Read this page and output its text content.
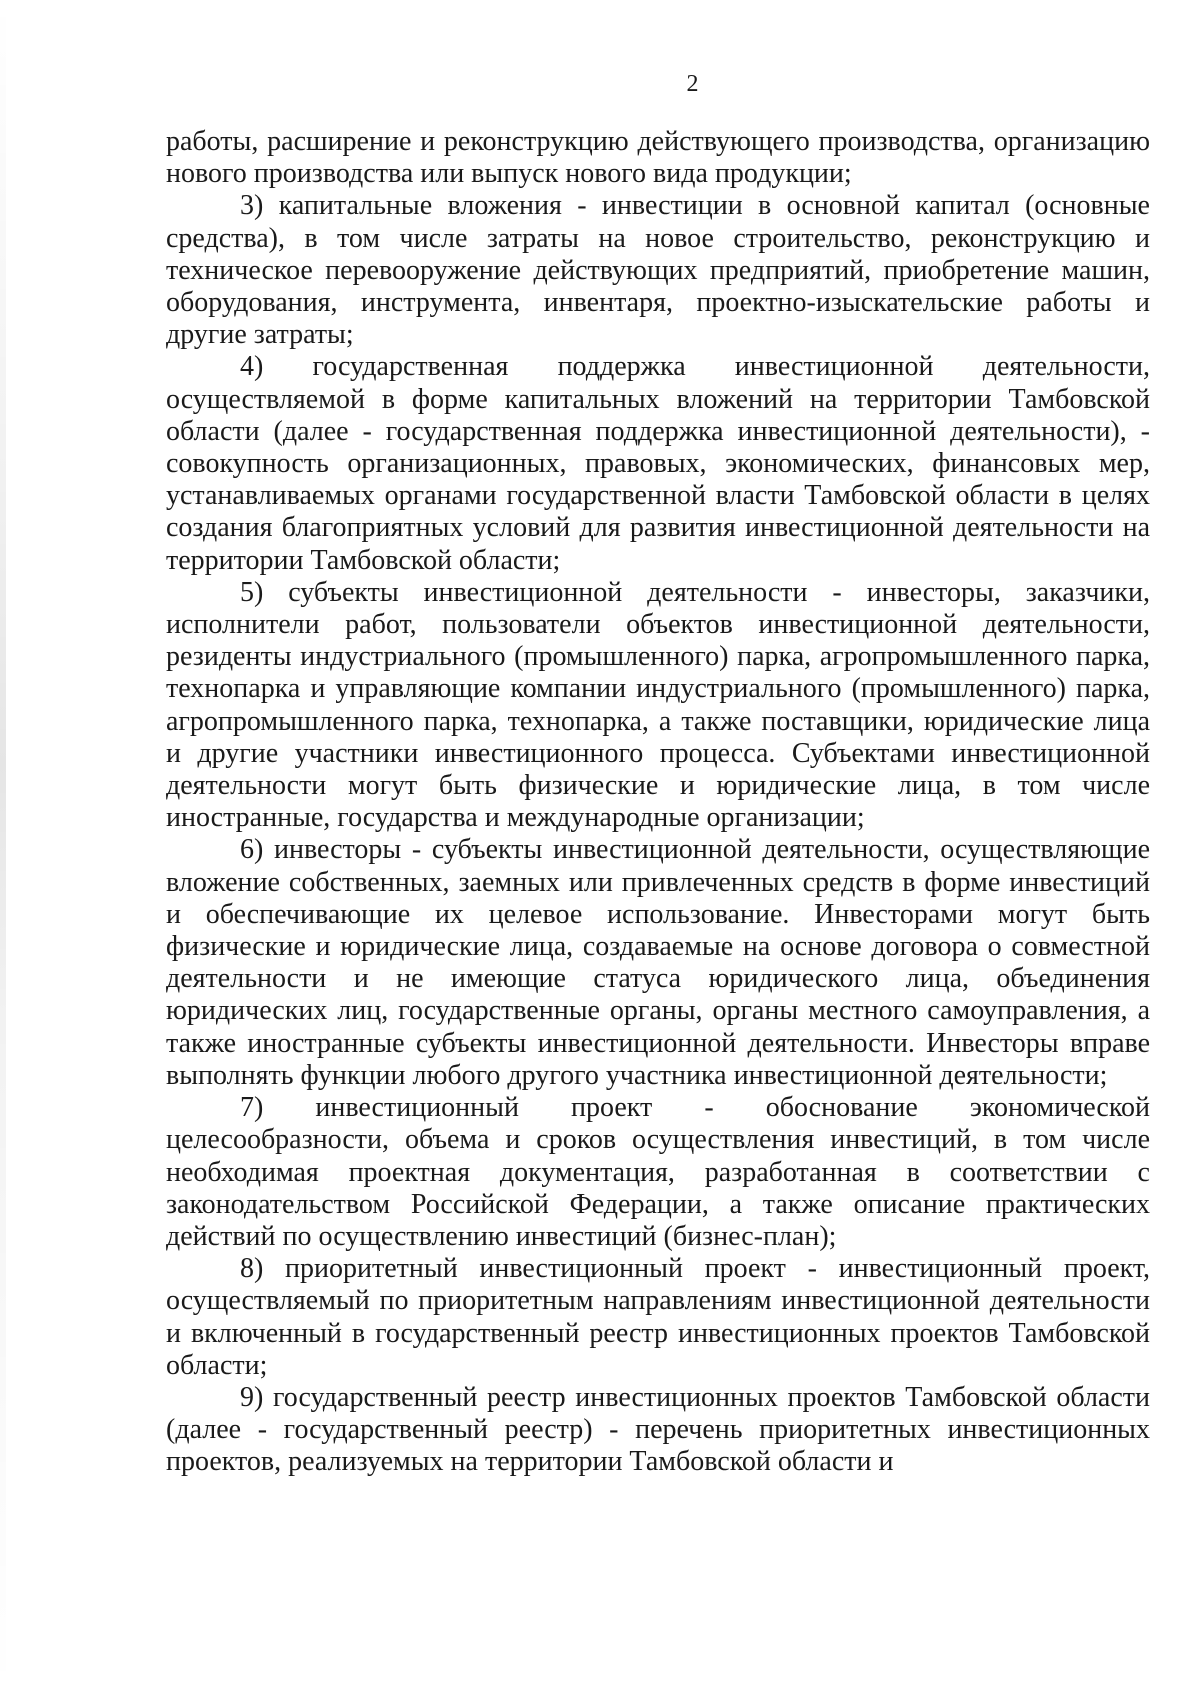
2

работы, расширение и реконструкцию действующего производства, организацию нового производства или выпуск нового вида продукции;

3) капитальные вложения - инвестиции в основной капитал (основные средства), в том числе затраты на новое строительство, реконструкцию и техническое перевооружение действующих предприятий, приобретение машин, оборудования, инструмента, инвентаря, проектно-изыскательские работы и другие затраты;

4) государственная поддержка инвестиционной деятельности, осуществляемой в форме капитальных вложений на территории Тамбовской области (далее - государственная поддержка инвестиционной деятельности), - совокупность организационных, правовых, экономических, финансовых мер, устанавливаемых органами государственной власти Тамбовской области в целях создания благоприятных условий для развития инвестиционной деятельности на территории Тамбовской области;

5) субъекты инвестиционной деятельности - инвесторы, заказчики, исполнители работ, пользователи объектов инвестиционной деятельности, резиденты индустриального (промышленного) парка, агропромышленного парка, технопарка и управляющие компании индустриального (промышленного) парка, агропромышленного парка, технопарка, а также поставщики, юридические лица и другие участники инвестиционного процесса. Субъектами инвестиционной деятельности могут быть физические и юридические лица, в том числе иностранные, государства и международные организации;

6) инвесторы - субъекты инвестиционной деятельности, осуществляющие вложение собственных, заемных или привлеченных средств в форме инвестиций и обеспечивающие их целевое использование. Инвесторами могут быть физические и юридические лица, создаваемые на основе договора о совместной деятельности и не имеющие статуса юридического лица, объединения юридических лиц, государственные органы, органы местного самоуправления, а также иностранные субъекты инвестиционной деятельности. Инвесторы вправе выполнять функции любого другого участника инвестиционной деятельности;

7) инвестиционный проект - обоснование экономической целесообразности, объема и сроков осуществления инвестиций, в том числе необходимая проектная документация, разработанная в соответствии с законодательством Российской Федерации, а также описание практических действий по осуществлению инвестиций (бизнес-план);

8) приоритетный инвестиционный проект - инвестиционный проект, осуществляемый по приоритетным направлениям инвестиционной деятельности и включенный в государственный реестр инвестиционных проектов Тамбовской области;

9) государственный реестр инвестиционных проектов Тамбовской области (далее - государственный реестр) - перечень приоритетных инвестиционных проектов, реализуемых на территории Тамбовской области и
